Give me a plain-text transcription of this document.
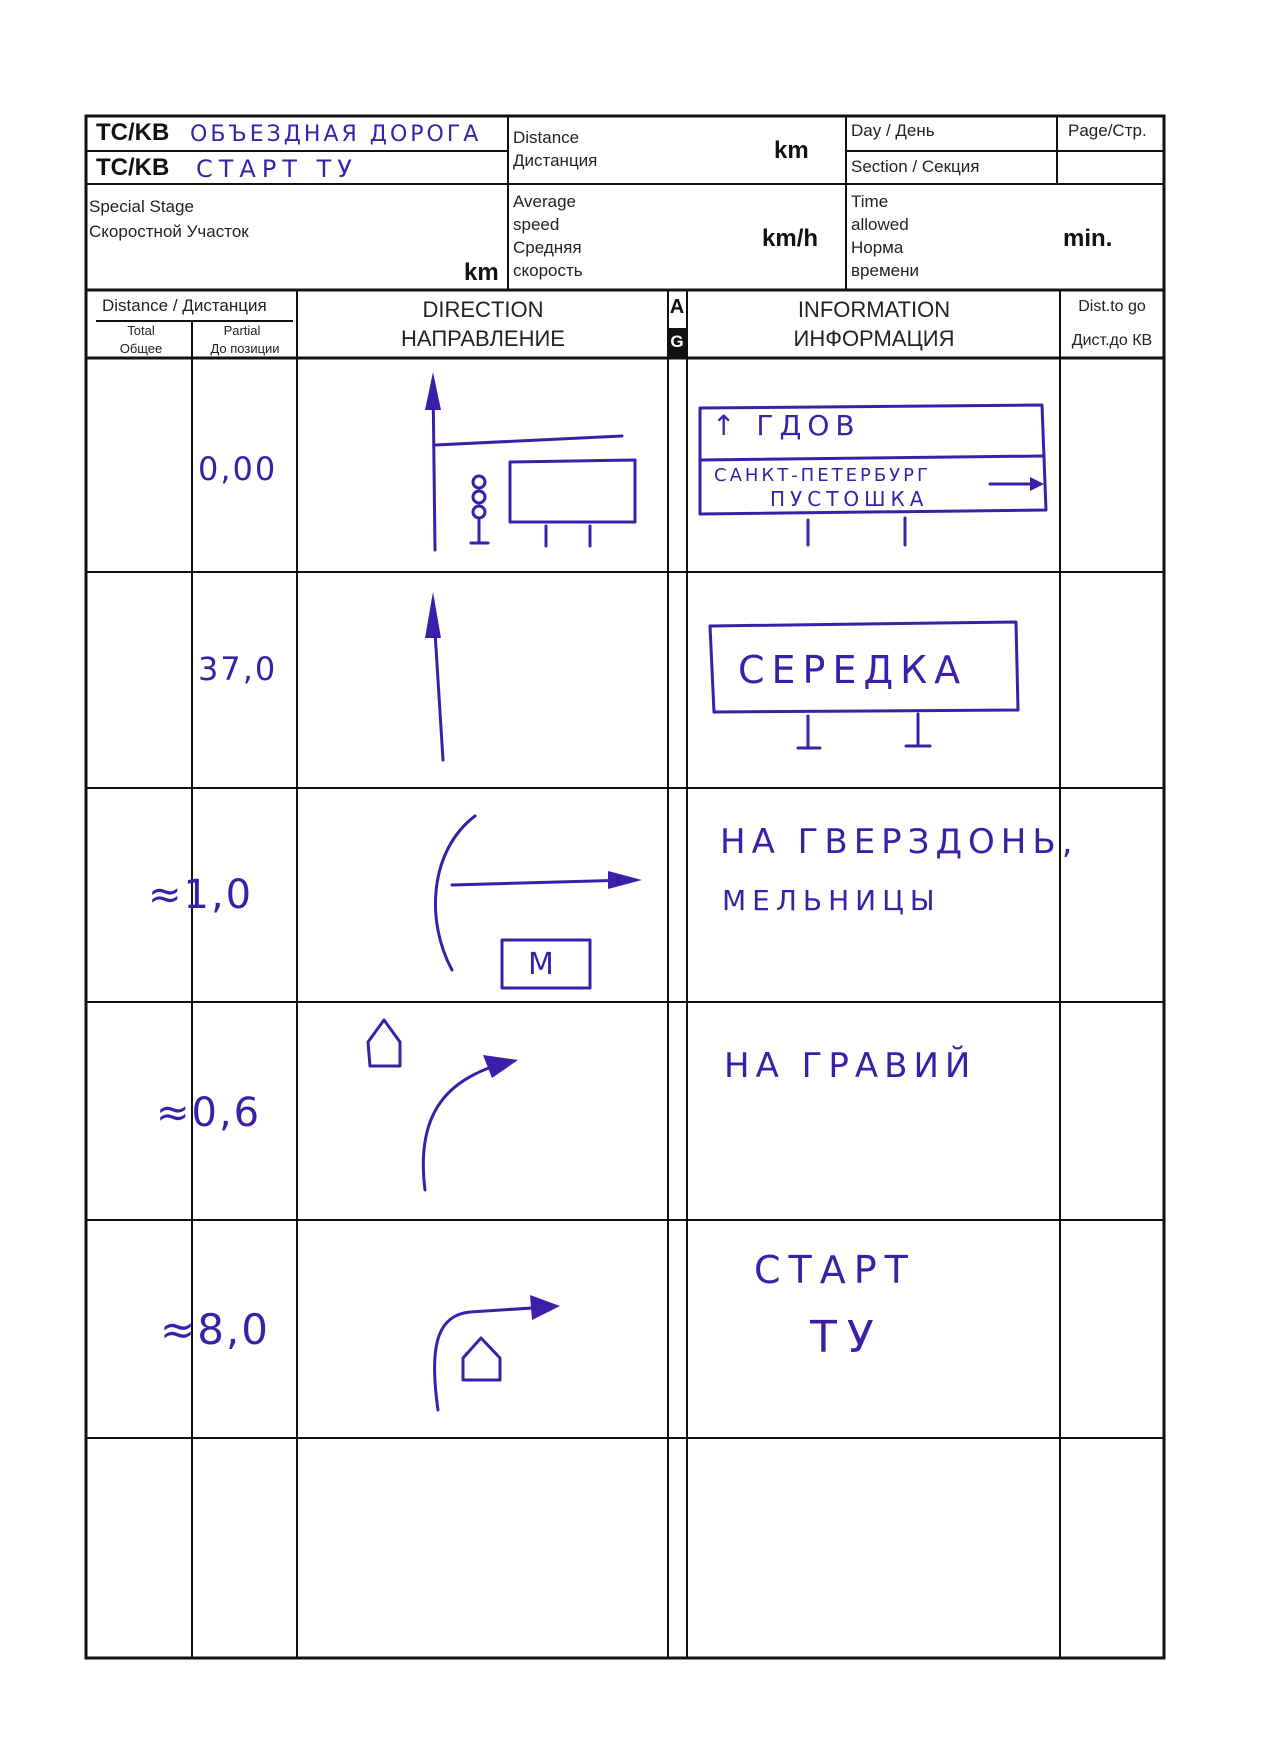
TC/KB ОБЪЕЗДНАЯ ДОРОГА
TC/KB СТАРТ ТУ
Distance
Дистанция	km
Day / День
Section / Секция
Page/Стр.
Special Stage
Скоростной Участок
km
Average
speed
Средняя
скорость
km/h
Time
allowed
Норма
времени
min.
Distance / Дистанция
Total
Общее
Partial
До позиции
DIRECTION
НАПРАВЛЕНИЕ
A
G
INFORMATION
ИНФОРМАЦИЯ
Dist.to go
Дист.до КВ
0,00
↑ ГДОВ
САНКТ-ПЕТЕРБУРГ
ПУСТОШКА
37,0	СЕРЕДКА
≈1,0
М
НА ГВЕРЗДОНЬ,
МЕЛЬНИЦЫ
≈0,6
НА ГРАВИЙ
≈8,0
СТАРТ
ТУ
